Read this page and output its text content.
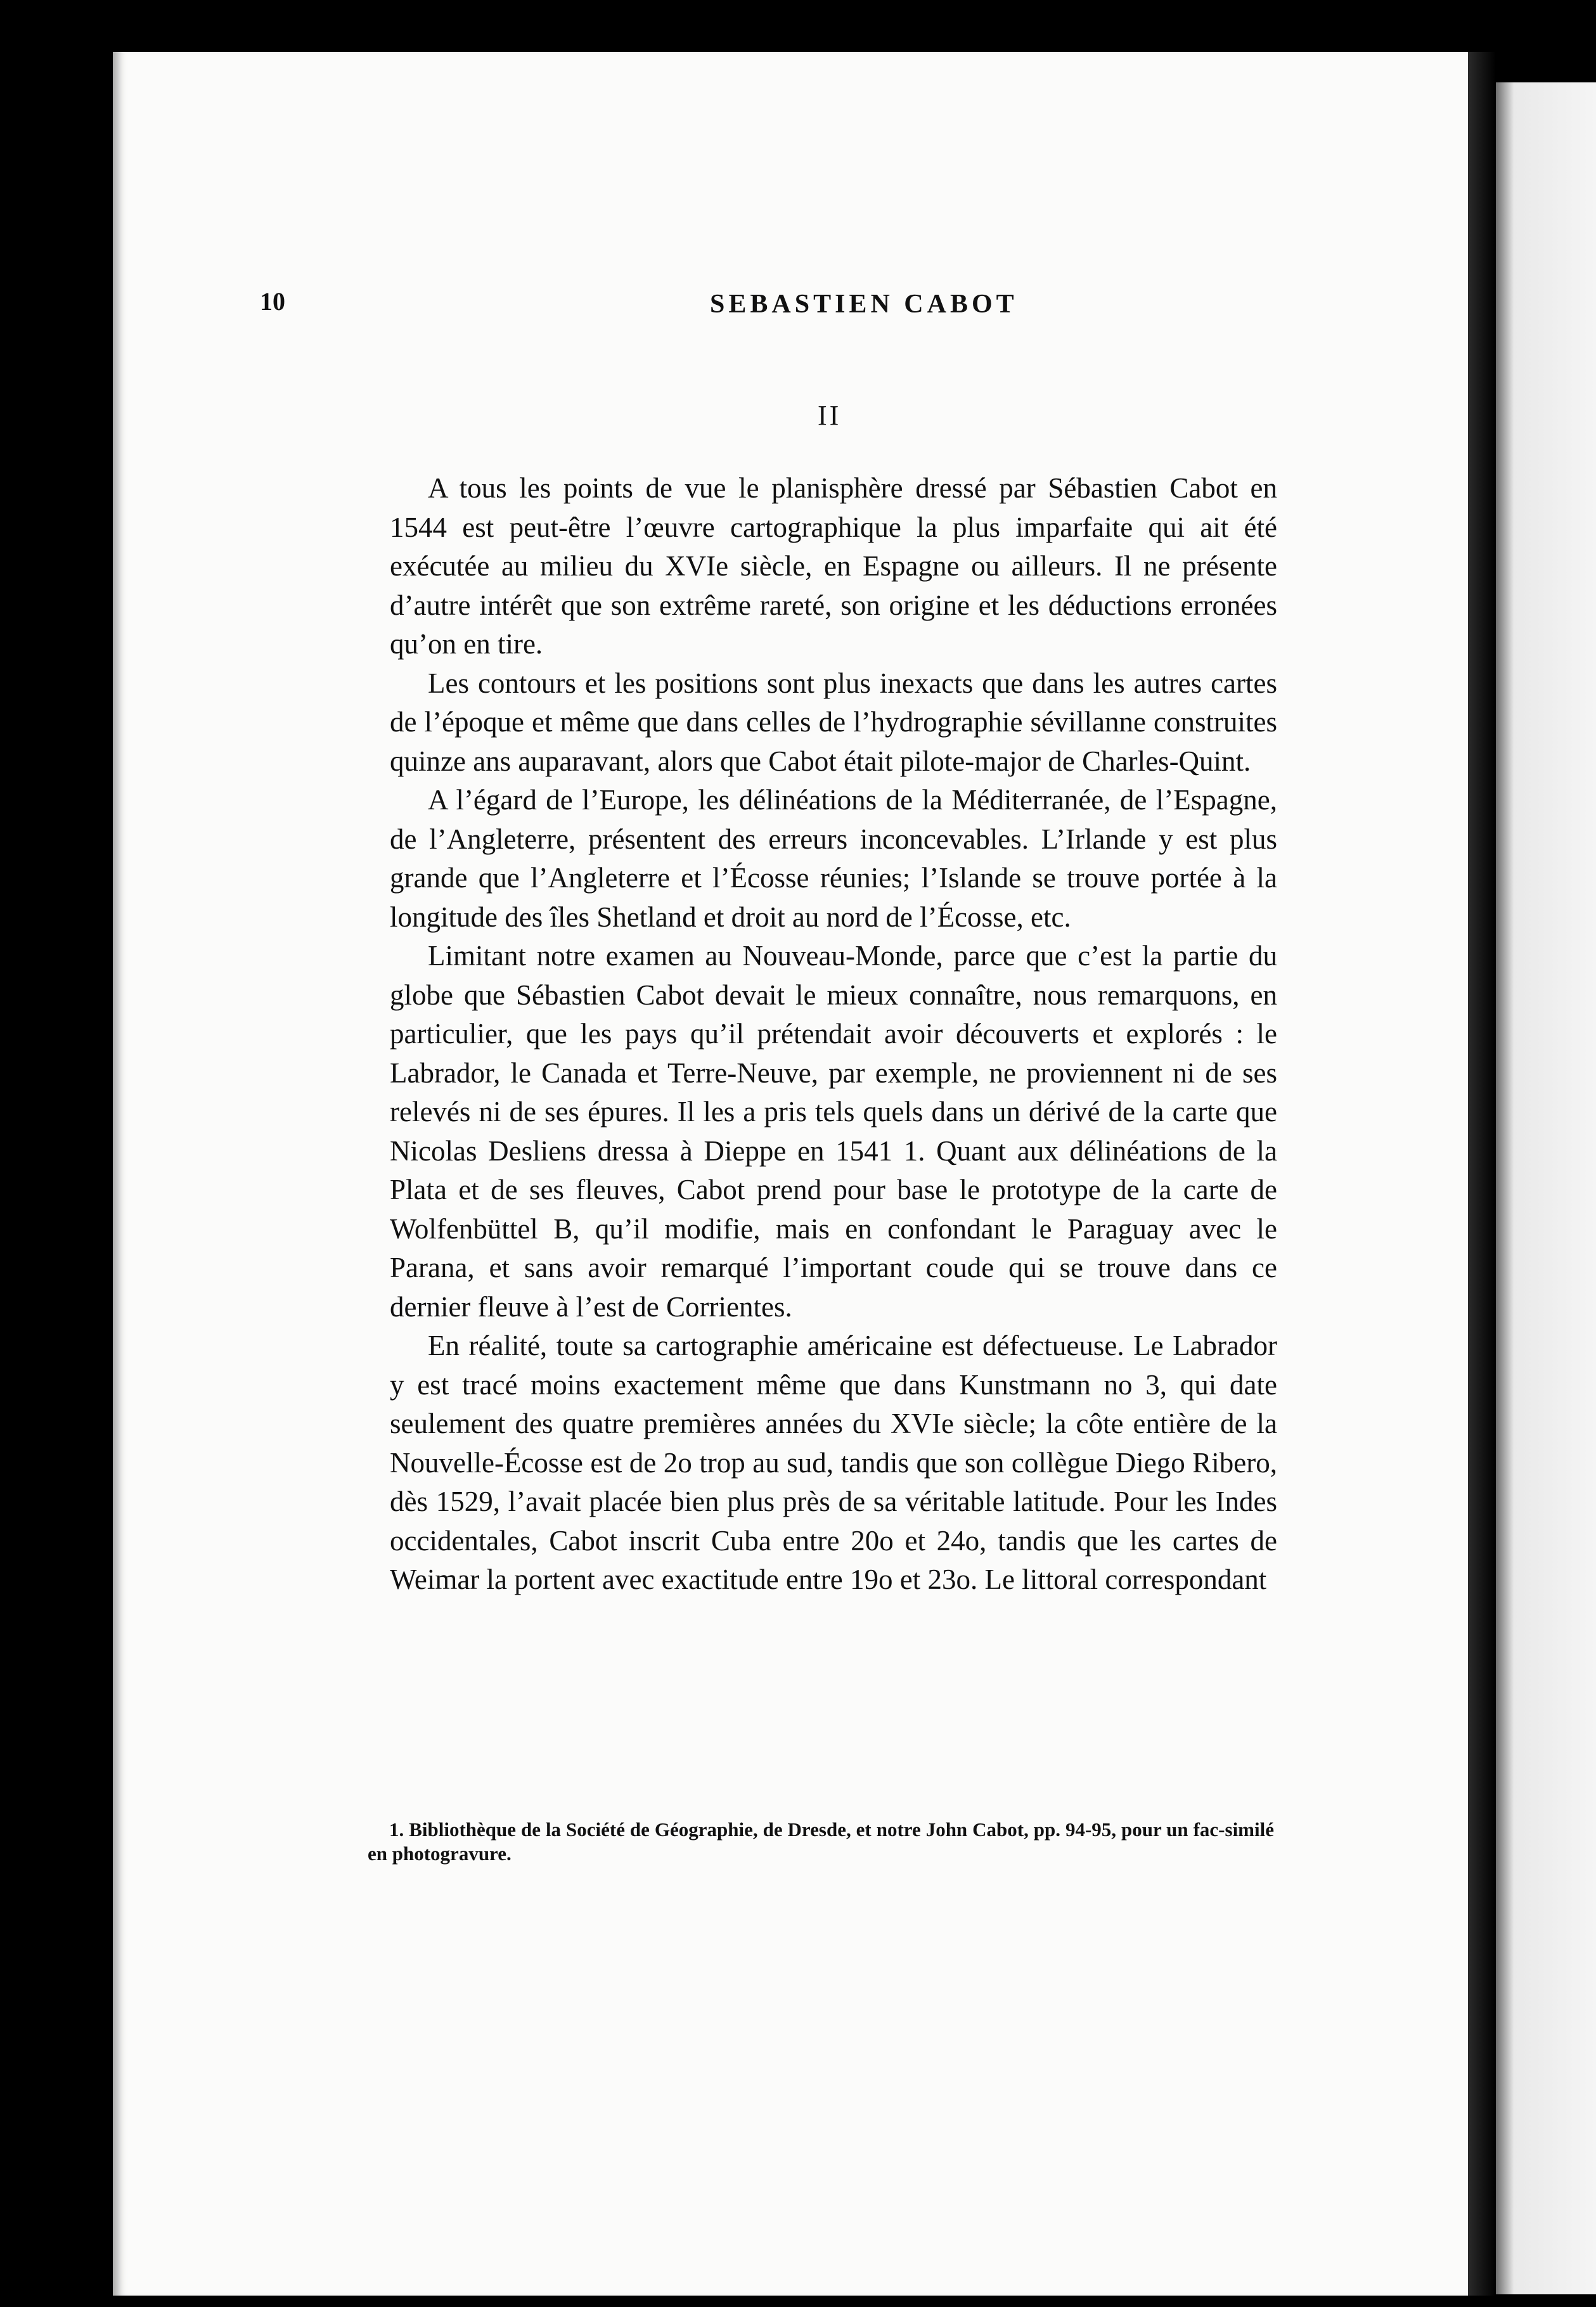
10	SEBASTIEN CABOT
II

A tous les points de vue le planisphère dressé par Sébastien Cabot en 1544 est peut-être l’œuvre cartographique la plus imparfaite qui ait été exécutée au milieu du XVIe siècle, en Espagne ou ailleurs. Il ne présente d’autre intérêt que son extrême rareté, son origine et les déductions erronées qu’on en tire.

Les contours et les positions sont plus inexacts que dans les autres cartes de l’époque et même que dans celles de l’hydrographie sévillanne construites quinze ans auparavant, alors que Cabot était pilote-major de Charles-Quint.

A l’égard de l’Europe, les délinéations de la Méditerranée, de l’Espagne, de l’Angleterre, présentent des erreurs inconcevables. L’Irlande y est plus grande que l’Angleterre et l’Écosse réunies; l’Islande se trouve portée à la longitude des îles Shetland et droit au nord de l’Écosse, etc.

Limitant notre examen au Nouveau-Monde, parce que c’est la partie du globe que Sébastien Cabot devait le mieux connaître, nous remarquons, en particulier, que les pays qu’il prétendait avoir découverts et explorés : le Labrador, le Canada et Terre-Neuve, par exemple, ne proviennent ni de ses relevés ni de ses épures. Il les a pris tels quels dans un dérivé de la carte que Nicolas Desliens dressa à Dieppe en 1541 1. Quant aux délinéations de la Plata et de ses fleuves, Cabot prend pour base le prototype de la carte de Wolfenbüttel B, qu’il modifie, mais en confondant le Paraguay avec le Parana, et sans avoir remarqué l’important coude qui se trouve dans ce dernier fleuve à l’est de Corrientes.

En réalité, toute sa cartographie américaine est défectueuse. Le Labrador y est tracé moins exactement même que dans Kunstmann no 3, qui date seulement des quatre premières années du XVIe siècle; la côte entière de la Nouvelle-Écosse est de 2o trop au sud, tandis que son collègue Diego Ribero, dès 1529, l’avait placée bien plus près de sa véritable latitude. Pour les Indes occidentales, Cabot inscrit Cuba entre 20o et 24o, tandis que les cartes de Weimar la portent avec exactitude entre 19o et 23o. Le littoral correspondant

1. Bibliothèque de la Société de Géographie, de Dresde, et notre John Cabot, pp. 94-95, pour un fac-similé en photogravure.
